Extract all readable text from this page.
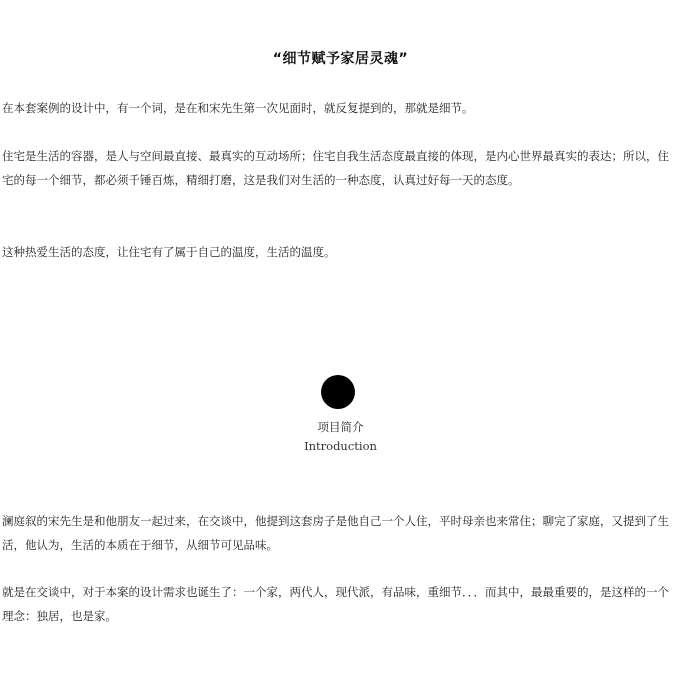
“细节赋予家居灵魂”

在本套案例的设计中，有一个词，是在和宋先生第一次见面时，就反复提到的，那就是细节。

住宅是生活的容器，是人与空间最直接、最真实的互动场所；住宅自我生活态度最直接的体现，是内心世界最真实的表达；所以，住宅的每一个细节，都必须千锤百炼，精细打磨，这是我们对生活的一种态度，认真过好每一天的态度。

这种热爱生活的态度，让住宅有了属于自己的温度，生活的温度。

项目简介
Introduction

澜庭叙的宋先生是和他朋友一起过来，在交谈中，他提到这套房子是他自己一个人住，平时母亲也来常住；聊完了家庭，又提到了生活，他认为，生活的本质在于细节，从细节可见品味。

就是在交谈中，对于本案的设计需求也诞生了：一个家，两代人，现代派，有品味，重细节．．．而其中，最最重要的，是这样的一个理念：独居，也是家。
